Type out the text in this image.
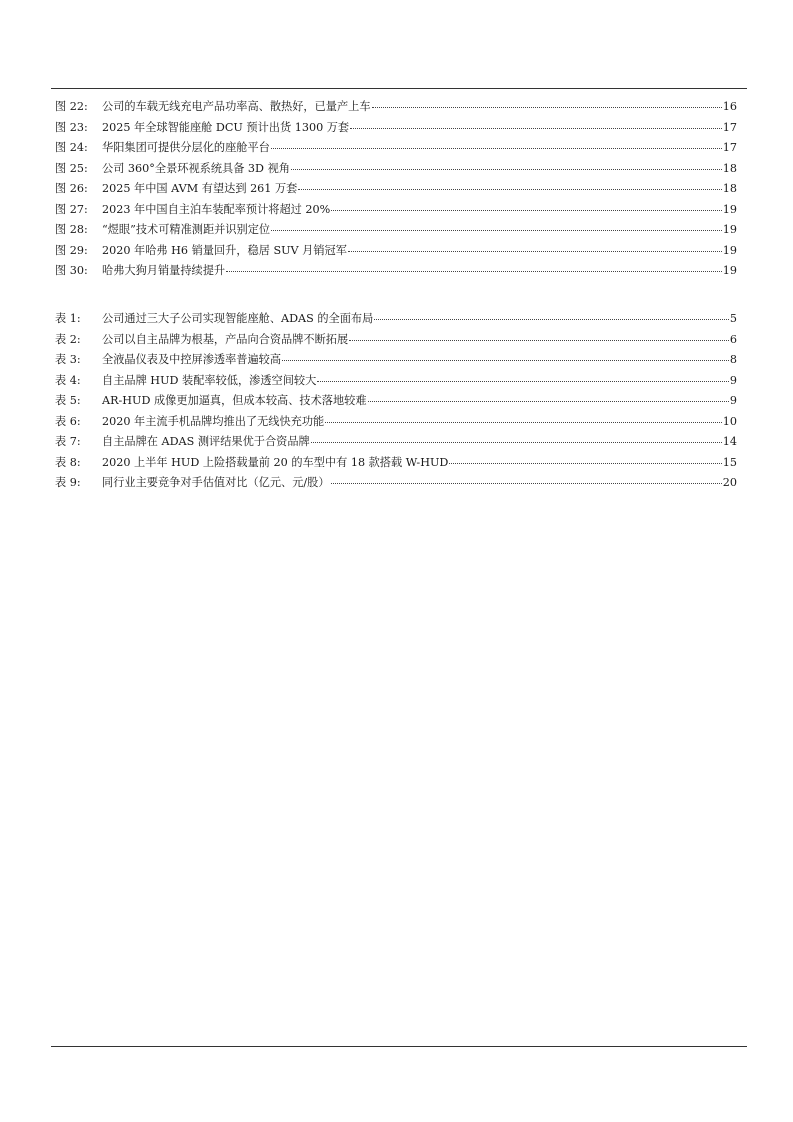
图 22:	公司的车载无线充电产品功率高、散热好，已量产上车	16
图 23:	2025 年全球智能座舱 DCU 预计出货 1300 万套	17
图 24:	华阳集团可提供分层化的座舱平台	17
图 25:	公司 360°全景环视系统具备 3D 视角	18
图 26:	2025 年中国 AVM 有望达到 261 万套	18
图 27:	2023 年中国自主泊车装配率预计将超过 20%	19
图 28:	“煜眼”技术可精准测距并识别定位	19
图 29:	2020 年哈弗 H6 销量回升，稳居 SUV 月销冠军	19
图 30:	哈弗大狗月销量持续提升	19
表 1:	公司通过三大子公司实现智能座舱、ADAS 的全面布局	5
表 2:	公司以自主品牌为根基，产品向合资品牌不断拓展	6
表 3:	全液晶仪表及中控屏渗透率普遍较高	8
表 4:	自主品牌 HUD 装配率较低，渗透空间较大	9
表 5:	AR-HUD 成像更加逼真，但成本较高、技术落地较难	9
表 6:	2020 年主流手机品牌均推出了无线快充功能	10
表 7:	自主品牌在 ADAS 测评结果优于合资品牌	14
表 8:	2020 上半年 HUD 上险搭载量前 20 的车型中有 18 款搭载 W-HUD	15
表 9:	同行业主要竞争对手估值对比（亿元、元/股）	20
